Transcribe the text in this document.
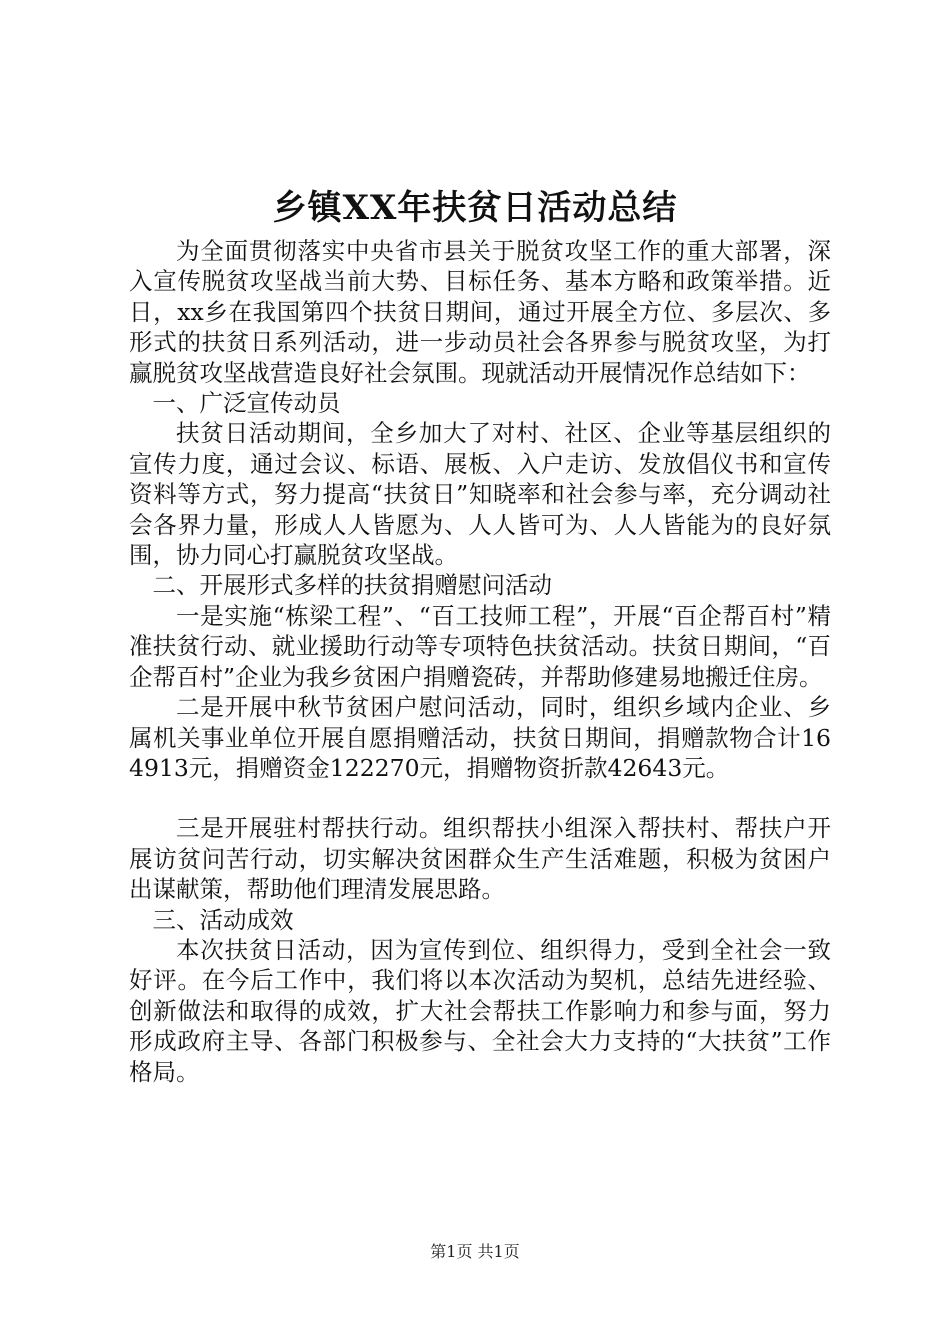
乡镇XX年扶贫日活动总结

为全面贯彻落实中央省市县关于脱贫攻坚工作的重大部署，深入宣传脱贫攻坚战当前大势、目标任务、基本方略和政策举措。近日，xx乡在我国第四个扶贫日期间，通过开展全方位、多层次、多形式的扶贫日系列活动，进一步动员社会各界参与脱贫攻坚，为打赢脱贫攻坚战营造良好社会氛围。现就活动开展情况作总结如下：

一、广泛宣传动员

扶贫日活动期间，全乡加大了对村、社区、企业等基层组织的宣传力度，通过会议、标语、展板、入户走访、发放倡仪书和宣传资料等方式，努力提高“扶贫日”知晓率和社会参与率，充分调动社会各界力量，形成人人皆愿为、人人皆可为、人人皆能为的良好氛围，协力同心打赢脱贫攻坚战。

二、开展形式多样的扶贫捐赠慰问活动

一是实施“栋梁工程”、“百工技师工程”，开展“百企帮百村”精准扶贫行动、就业援助行动等专项特色扶贫活动。扶贫日期间，“百企帮百村”企业为我乡贫困户捐赠瓷砖，并帮助修建易地搬迁住房。

二是开展中秋节贫困户慰问活动，同时，组织乡域内企业、乡属机关事业单位开展自愿捐赠活动，扶贫日期间，捐赠款物合计164913元，捐赠资金122270元，捐赠物资折款42643元。

三是开展驻村帮扶行动。组织帮扶小组深入帮扶村、帮扶户开展访贫问苦行动，切实解决贫困群众生产生活难题，积极为贫困户出谋献策，帮助他们理清发展思路。

三、活动成效

本次扶贫日活动，因为宣传到位、组织得力，受到全社会一致好评。在今后工作中，我们将以本次活动为契机，总结先进经验、创新做法和取得的成效，扩大社会帮扶工作影响力和参与面，努力形成政府主导、各部门积极参与、全社会大力支持的“大扶贫”工作格局。

第1页 共1页
